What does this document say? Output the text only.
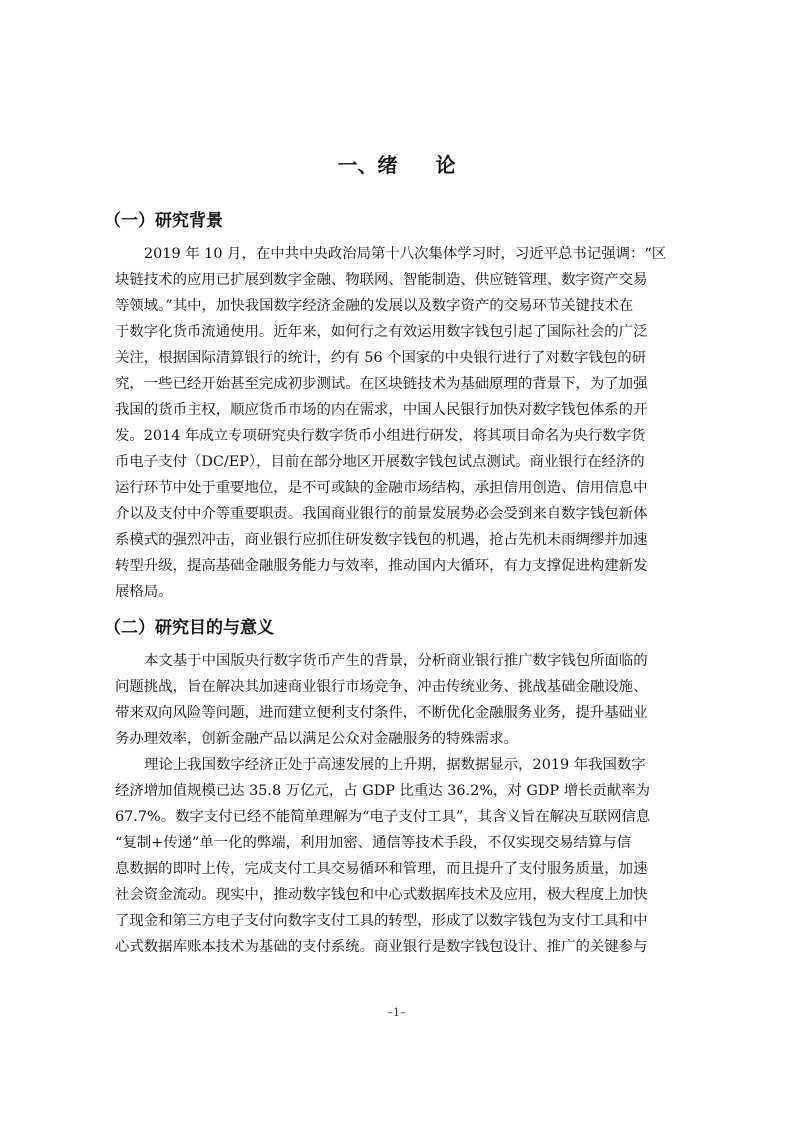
一、绪 论
（一）研究背景
2019 年 10 月，在中共中央政治局第十八次集体学习时，习近平总书记强调：“区
块链技术的应用已扩展到数字金融、物联网、智能制造、供应链管理、数字资产交易
等领域。”其中，加快我国数字经济金融的发展以及数字资产的交易环节关键技术在
于数字化货币流通使用。近年来，如何行之有效运用数字钱包引起了国际社会的广泛
关注，根据国际清算银行的统计，约有 56 个国家的中央银行进行了对数字钱包的研
究，一些已经开始甚至完成初步测试。在区块链技术为基础原理的背景下，为了加强
我国的货币主权，顺应货币市场的内在需求，中国人民银行加快对数字钱包体系的开
发。2014 年成立专项研究央行数字货币小组进行研发，将其项目命名为央行数字货
币电子支付（DC/EP），目前在部分地区开展数字钱包试点测试。商业银行在经济的
运行环节中处于重要地位，是不可或缺的金融市场结构，承担信用创造、信用信息中
介以及支付中介等重要职责。我国商业银行的前景发展势必会受到来自数字钱包新体
系模式的强烈冲击，商业银行应抓住研发数字钱包的机遇，抢占先机未雨绸缪并加速
转型升级，提高基础金融服务能力与效率，推动国内大循环，有力支撑促进构建新发
展格局。
（二）研究目的与意义
本文基于中国版央行数字货币产生的背景，分析商业银行推广数字钱包所面临的
问题挑战，旨在解决其加速商业银行市场竞争、冲击传统业务、挑战基础金融设施、
带来双向风险等问题，进而建立便利支付条件，不断优化金融服务业务，提升基础业
务办理效率，创新金融产品以满足公众对金融服务的特殊需求。
理论上我国数字经济正处于高速发展的上升期，据数据显示，2019 年我国数字
经济增加值规模已达 35.8 万亿元，占 GDP 比重达 36.2%，对 GDP 增长贡献率为
67.7%。数字支付已经不能简单理解为“电子支付工具”，其含义旨在解决互联网信息
“复制+传递”单一化的弊端，利用加密、通信等技术手段，不仅实现交易结算与信
息数据的即时上传，完成支付工具交易循环和管理，而且提升了支付服务质量，加速
社会资金流动。现实中，推动数字钱包和中心式数据库技术及应用，极大程度上加快
了现金和第三方电子支付向数字支付工具的转型，形成了以数字钱包为支付工具和中
心式数据库账本技术为基础的支付系统。商业银行是数字钱包设计、推广的关键参与
–1–
